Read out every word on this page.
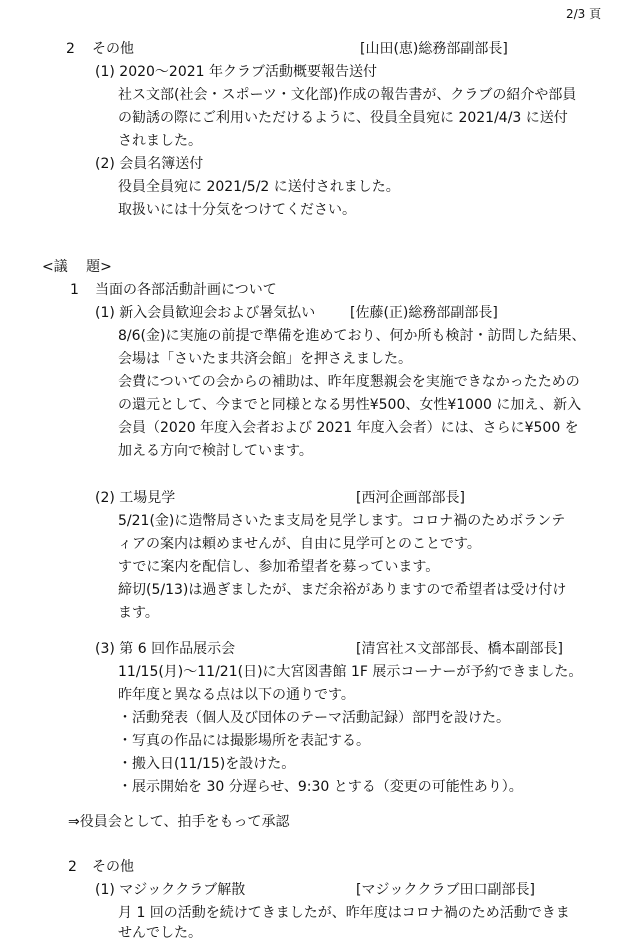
2/3 頁
2 その他	[山田(恵)総務部副部長]
(1) 2020～2021 年クラブ活動概要報告送付
社ス文部(社会・スポーツ・文化部)作成の報告書が、クラブの紹介や部員
の勧誘の際にご利用いただけるように、役員全員宛に 2021/4/3 に送付
されました。
(2) 会員名簿送付
役員全員宛に 2021/5/2 に送付されました。
取扱いには十分気をつけてください。
<議　 題>
1 当面の各部活動計画について
(1) 新入会員歓迎会および暑気払い [佐藤(正)総務部副部長]
8/6(金)に実施の前提で準備を進めており、何か所も検討・訪問した結果、
会場は「さいたま共済会館」を押さえました。
会費についての会からの補助は、昨年度懇親会を実施できなかったための
の還元として、今までと同様となる男性¥500、女性¥1000 に加え、新入
会員（2020 年度入会者および 2021 年度入会者）には、さらに¥500 を
加える方向で検討しています。
(2) 工場見学	[西河企画部部長]
5/21(金)に造幣局さいたま支局を見学します。コロナ禍のためボランテ
ィアの案内は頼めませんが、自由に見学可とのことです。
すでに案内を配信し、参加希望者を募っています。
締切(5/13)は過ぎましたが、まだ余裕がありますので希望者は受け付け
ます。
(3) 第 6 回作品展示会	[清宮社ス文部部長、橋本副部長]
11/15(月)～11/21(日)に大宮図書館 1F 展示コーナーが予約できました。
昨年度と異なる点は以下の通りです。
・活動発表（個人及び団体のテーマ活動記録）部門を設けた。
・写真の作品には撮影場所を表記する。
・搬入日(11/15)を設けた。
・展示開始を 30 分遅らせ、9:30 とする（変更の可能性あり）。
⇒役員会として、拍手をもって承認
2 その他
(1) マジッククラブ解散	[マジッククラブ田口副部長]
月 1 回の活動を続けてきましたが、昨年度はコロナ禍のため活動できま
せんでした。
